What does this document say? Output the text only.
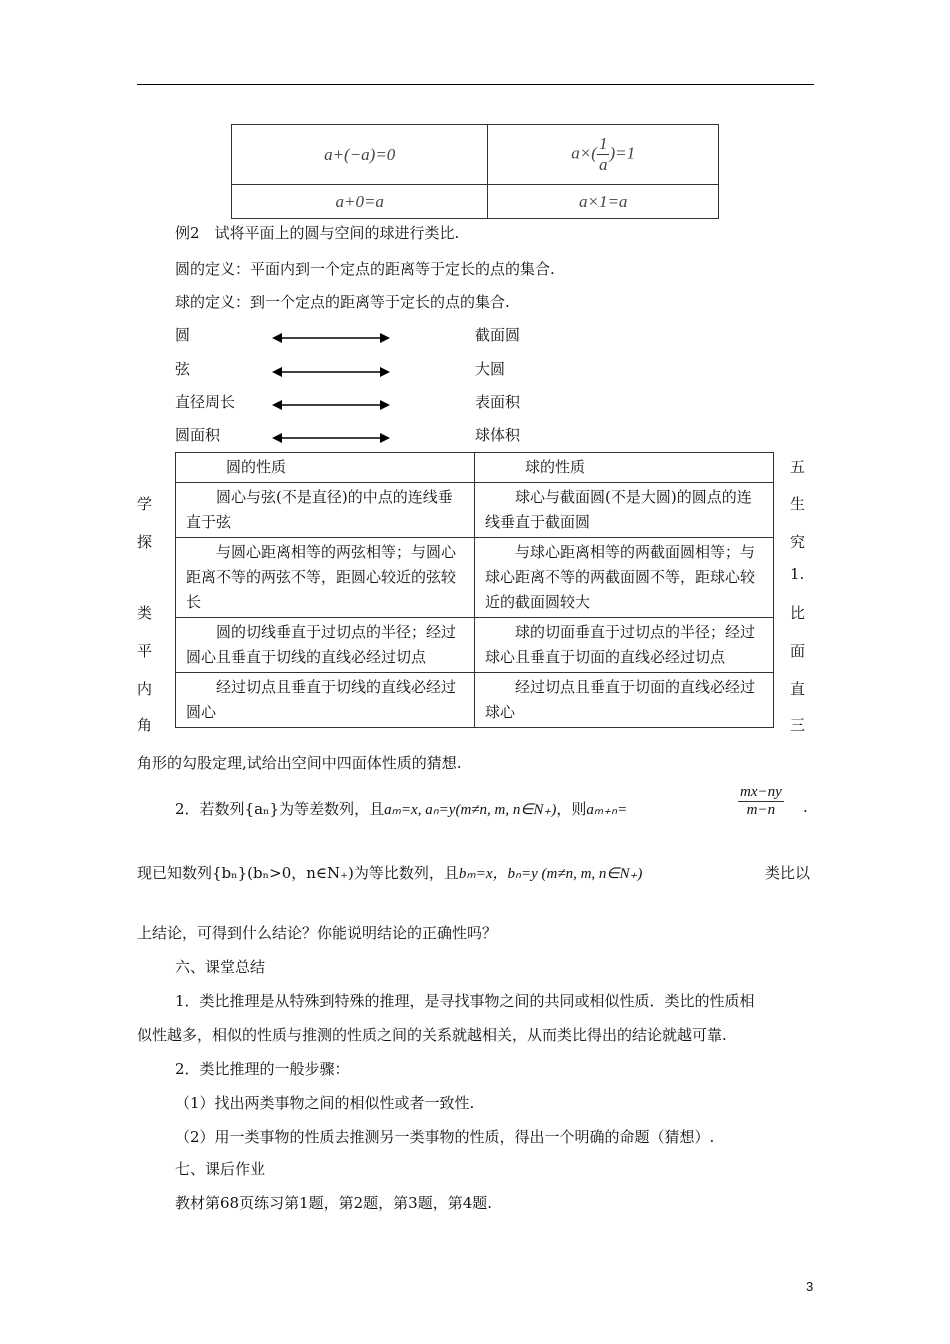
a+(−a)=0	$a\times( \frac{1}{a} )=1$
a+0=a	a×1=a
例2　试将平面上的圆与空间的球进行类比.
圆的定义：平面内到一个定点的距离等于定长的点的集合.
球的定义：到一个定点的距离等于定长的点的集合.
圆	截面圆
弦	大圆
直径周长	表面积
圆面积	球体积
学
探
类
平
内
角
五
生
究
1.
比
面
直
三
圆的性质	球的性质
　　圆心与弦(不是直径)的中点的连线垂直于弦	　　球心与截面圆(不是大圆)的圆点的连线垂直于截面圆
　　与圆心距离相等的两弦相等；与圆心距离不等的两弦不等，距圆心较近的弦较长	　　与球心距离相等的两截面圆相等；与球心距离不等的两截面圆不等，距球心较近的截面圆较大
　　圆的切线垂直于过切点的半径；经过圆心且垂直于切线的直线必经过切点	　　球的切面垂直于过切点的半径；经过球心且垂直于切面的直线必经过切点
　　经过切点且垂直于切线的直线必经过圆心	　　经过切点且垂直于切面的直线必经过球心
角形的勾股定理,试给出空间中四面体性质的猜想.
2．若数列{aₙ}为等差数列，且aₘ=x, aₙ=y(m≠n, m, n∈N₊)，则aₘ₊ₙ=	$\frac{mx-ny}{m-n}$ .
现已知数列{bₙ}(bₙ>0，n∈N₊)为等比数列，且bₘ=x，bₙ=y (m≠n, m, n∈N₊)	类比以
上结论，可得到什么结论？你能说明结论的正确性吗？
六、课堂总结
1．类比推理是从特殊到特殊的推理，是寻找事物之间的共同或相似性质．类比的性质相
似性越多，相似的性质与推测的性质之间的关系就越相关，从而类比得出的结论就越可靠.
2．类比推理的一般步骤：
（1）找出两类事物之间的相似性或者一致性.
（2）用一类事物的性质去推测另一类事物的性质，得出一个明确的命题（猜想）.
七、课后作业
教材第68页练习第1题，第2题，第3题，第4题.
3
